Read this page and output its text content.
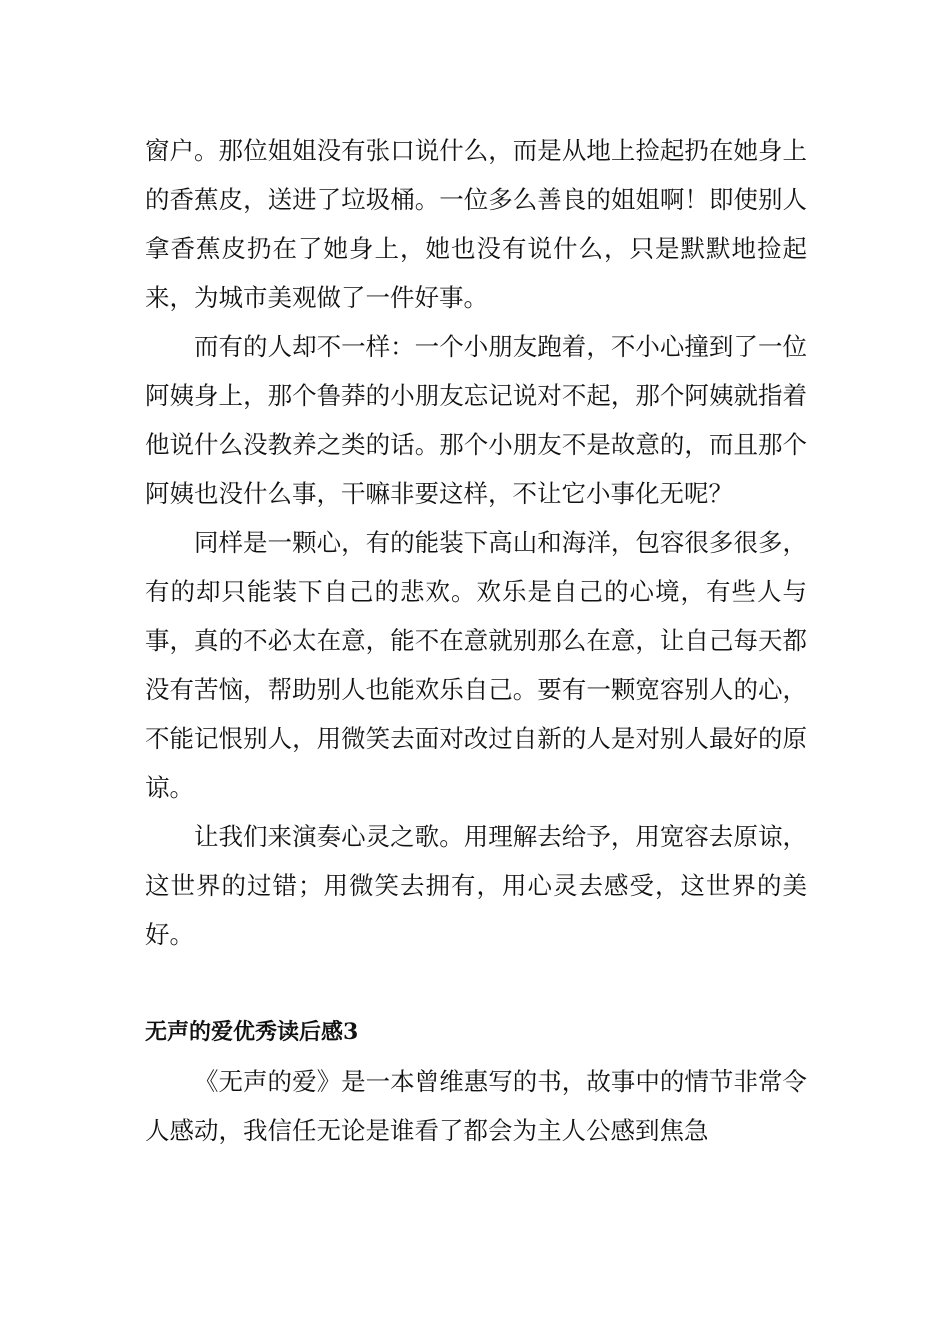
窗户。那位姐姐没有张口说什么，而是从地上捡起扔在她身上的香蕉皮，送进了垃圾桶。一位多么善良的姐姐啊！即使别人拿香蕉皮扔在了她身上，她也没有说什么，只是默默地捡起来，为城市美观做了一件好事。

而有的人却不一样：一个小朋友跑着，不小心撞到了一位阿姨身上，那个鲁莽的小朋友忘记说对不起，那个阿姨就指着他说什么没教养之类的话。那个小朋友不是故意的，而且那个阿姨也没什么事，干嘛非要这样，不让它小事化无呢？

同样是一颗心，有的能装下高山和海洋，包容很多很多，有的却只能装下自己的悲欢。欢乐是自己的心境，有些人与事，真的不必太在意，能不在意就别那么在意，让自己每天都没有苦恼，帮助别人也能欢乐自己。要有一颗宽容别人的心，不能记恨别人，用微笑去面对改过自新的人是对别人最好的原谅。

让我们来演奏心灵之歌。用理解去给予，用宽容去原谅，这世界的过错；用微笑去拥有，用心灵去感受，这世界的美好。

无声的爱优秀读后感3

《无声的爱》是一本曾维惠写的书，故事中的情节非常令人感动，我信任无论是谁看了都会为主人公感到焦急
